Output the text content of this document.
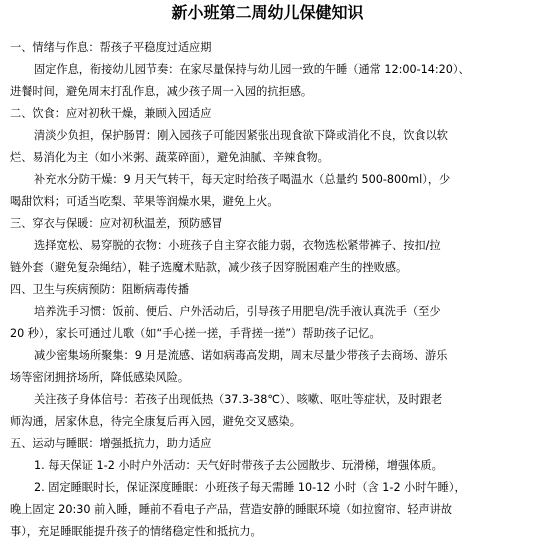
新小班第二周幼儿保健知识
一、情绪与作息：帮孩子平稳度过适应期
固定作息，衔接幼儿园节奏：在家尽量保持与幼儿园一致的午睡（通常 12:00-14:20）、
进餐时间，避免周末打乱作息，减少孩子周一入园的抗拒感。
二、饮食：应对初秋干燥，兼顾入园适应
清淡少负担，保护肠胃：刚入园孩子可能因紧张出现食欲下降或消化不良，饮食以软
烂、易消化为主（如小米粥、蔬菜碎面），避免油腻、辛辣食物。
补充水分防干燥：9 月天气转干，每天定时给孩子喝温水（总量约 500-800ml），少
喝甜饮料；可适当吃梨、苹果等润燥水果，避免上火。
三、穿衣与保暖：应对初秋温差，预防感冒
选择宽松、易穿脱的衣物：小班孩子自主穿衣能力弱，衣物选松紧带裤子、按扣/拉
链外套（避免复杂绳结），鞋子选魔术贴款，减少孩子因穿脱困难产生的挫败感。
四、卫生与疾病预防：阻断病毒传播
培养洗手习惯：饭前、便后、户外活动后，引导孩子用肥皂/洗手液认真洗手（至少
20 秒），家长可通过儿歌（如“手心搓一搓，手背搓一搓”）帮助孩子记忆。
减少密集场所聚集：9 月是流感、诺如病毒高发期，周末尽量少带孩子去商场、游乐
场等密闭拥挤场所，降低感染风险。
关注孩子身体信号：若孩子出现低热（37.3-38℃）、咳嗽、呕吐等症状，及时跟老
师沟通，居家休息，待完全康复后再入园，避免交叉感染。
五、运动与睡眠：增强抵抗力，助力适应
1. 每天保证 1-2 小时户外活动：天气好时带孩子去公园散步、玩滑梯，增强体质。
2. 固定睡眠时长，保证深度睡眠：小班孩子每天需睡 10-12 小时（含 1-2 小时午睡），
晚上固定 20:30 前入睡，睡前不看电子产品，营造安静的睡眠环境（如拉窗帘、轻声讲故
事），充足睡眠能提升孩子的情绪稳定性和抵抗力。
